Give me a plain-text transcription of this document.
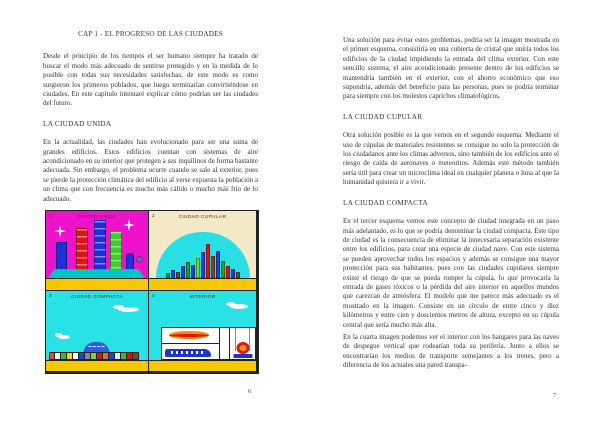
CAP 1 - EL PROGRESO DE LAS CIUDADES

Desde el principio de los tiempos el ser humano siempre ha tratado de buscar el modo más adecuado de sentirse protegido y en la medida de lo posible con todas sus necesidades satisfechas, de este modo es como surgieron los primeros poblados, que luego terminarían convirtiéndose en ciudades. En este capítulo intentaré explicar cómo podrían ser las ciudades del futuro.

LA CIUDAD UNIDA

En la actualidad, las ciudades han evolucionado para ser una suma de grandes edificios. Estos edificios cuentan con sistemas de aire acondicionado en su interior que protegen a sus inquilinos de forma bastante adecuada. Sin embargo, el problema ocurre cuando se sale al exterior, pues se pierde la protección climática del edificio al verse expuesta la población a un clima que con frecuencia es mucho más cálido o mucho más frío de lo adecuado.

1	CIUDAD UNIDA	2	CIUDAD CUPULAR
3	CIUDAD COMPACTA	4	INTERIOR

Una solución para evitar estos problemas, podría ser la imagen mostrada en el primer esquema, consistiría en una cubierta de cristal que uniría todos los edificios de la ciudad impidiendo la entrada del clima exterior. Con este sencillo sistema, el aire acondicionado presente dentro de los edificios se mantendría también en el exterior, con el ahorro económico que eso supondría, además del beneficio para las personas, pues se podría terminar para siempre con los molestos caprichos climatológicos.

LA CIUDAD CUPULAR

Otra solución posible es la que vemos en el segundo esquema. Mediante el uso de cúpulas de materiales resistentes se consigue no solo la protección de los ciudadanos ante los climas adversos, sino también de los edificios ante el riesgo de caída de aeronaves o meteoritos. Además este método también sería útil para crear un microclima ideal en cualquier planeta o luna al que la humanidad quisiera ir a vivir.

LA CIUDAD COMPACTA

En el tercer esquema vemos este concepto de ciudad integrada en un paso más adelantado, es lo que se podría denominar la ciudad compacta. Este tipo de ciudad es la consecuencia de eliminar la innecesaria separación existente entre los edificios, para crear una especie de ciudad nave. Con este sistema se pueden aprovechar todos los espacios y además se consigue una mayor protección para sus habitantes, pues con las ciudades cupulares siempre existe el riesgo de que se pueda romper la cúpula, lo que provocaría la entrada de gases tóxicos o la pérdida del aire interior en aquellos mundos que carezcan de atmósfera. El modelo que me parece más adecuado es el mostrado en la imagen. Consiste en un círculo de entre cinco y diez kilómetros y entre cien y doscientos metros de altura, excepto en su cúpula central que sería mucho más alta.

En la cuarta imagen podemos ver el interior con los hangares para las naves de despegue vertical que rodearían toda su periferia. Junto a ellos se encontrarían los medios de transporte semejantes a los trenes, pero a diferencia de los actuales una pared transpa-

6
7
